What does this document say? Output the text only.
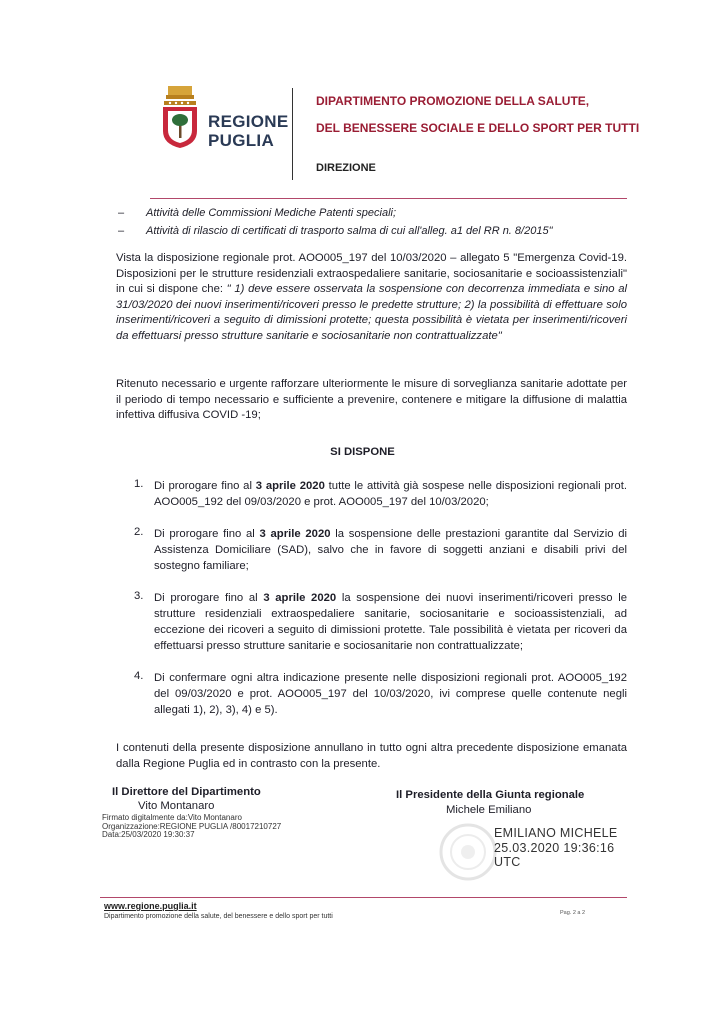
REGIONE
PUGLIA
DIPARTIMENTO PROMOZIONE DELLA SALUTE,
DEL BENESSERE SOCIALE E DELLO SPORT PER TUTTI
DIREZIONE
– Attività delle Commissioni Mediche Patenti speciali;
– Attività di rilascio di certificati di trasporto salma di cui all'alleg. a1 del RR n. 8/2015"
Vista la disposizione regionale prot. AOO005_197 del 10/03/2020 – allegato 5 "Emergenza Covid-19. Disposizioni per le strutture residenziali extraospedaliere sanitarie, sociosanitarie e socioassistenziali" in cui si dispone che: " 1) deve essere osservata la sospensione con decorrenza immediata e sino al 31/03/2020 dei nuovi inserimenti/ricoveri presso le predette strutture; 2) la possibilità di effettuare solo inserimenti/ricoveri a seguito di dimissioni protette; questa possibilità è vietata per inserimenti/ricoveri da effettuarsi presso strutture sanitarie e sociosanitarie non contrattualizzate"
Ritenuto necessario e urgente rafforzare ulteriormente le misure di sorveglianza sanitarie adottate per il periodo di tempo necessario e sufficiente a prevenire, contenere e mitigare la diffusione di malattia infettiva diffusiva COVID -19;
SI DISPONE
1. Di prorogare fino al 3 aprile 2020 tutte le attività già sospese nelle disposizioni regionali prot. AOO005_192 del 09/03/2020 e prot. AOO005_197 del 10/03/2020;
2. Di prorogare fino al 3 aprile 2020 la sospensione delle prestazioni garantite dal Servizio di Assistenza Domiciliare (SAD), salvo che in favore di soggetti anziani e disabili privi del sostegno familiare;
3. Di prorogare fino al 3 aprile 2020 la sospensione dei nuovi inserimenti/ricoveri presso le strutture residenziali extraospedaliere sanitarie, sociosanitarie e socioassistenziali, ad eccezione dei ricoveri a seguito di dimissioni protette. Tale possibilità è vietata per ricoveri da effettuarsi presso strutture sanitarie e sociosanitarie non contrattualizzate;
4. Di confermare ogni altra indicazione presente nelle disposizioni regionali prot. AOO005_192 del 09/03/2020 e prot. AOO005_197 del 10/03/2020, ivi comprese quelle contenute negli allegati 1), 2), 3), 4) e 5).
I contenuti della presente disposizione annullano in tutto ogni altra precedente disposizione emanata dalla Regione Puglia ed in contrasto con la presente.
Il Direttore del Dipartimento
Vito Montanaro
Firmato digitalmente da:Vito Montanaro
Organizzazione:REGIONE PUGLIA /80017210727
Data:25/03/2020 19:30:37
Il Presidente della Giunta regionale
Michele Emiliano
EMILIANO MICHELE
25.03.2020 19:36:16
UTC
www.regione.puglia.it
Dipartimento promozione della salute, del benessere e dello sport per tutti	Pag. 2 a 2
